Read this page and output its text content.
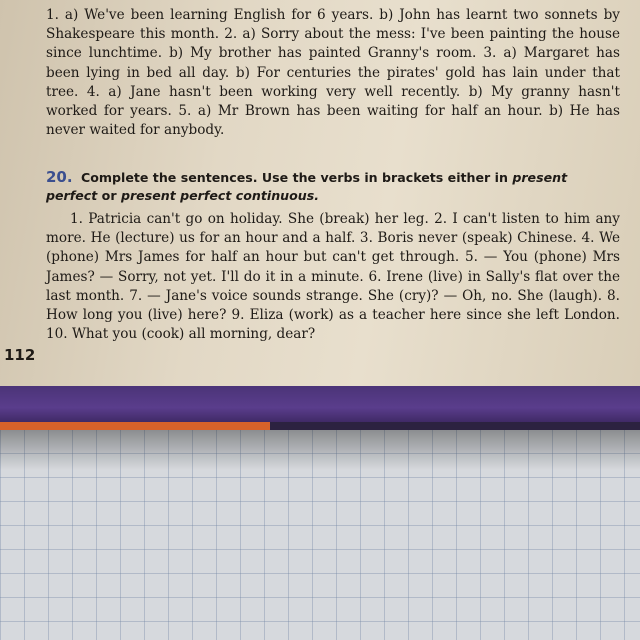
1. a) We've been learning English for 6 years. b) John has learnt two sonnets by Shakespeare this month. 2. a) Sorry about the mess: I've been painting the house since lunchtime. b) My brother has painted Granny's room. 3. a) Margaret has been lying in bed all day. b) For centuries the pirates' gold has lain under that tree. 4. a) Jane hasn't been working very well recently. b) My granny hasn't worked for years. 5. a) Mr Brown has been waiting for half an hour. b) He has never waited for anybody.
20. Complete the sentences. Use the verbs in brackets either in present perfect or present perfect continuous.
1. Patricia can't go on holiday. She (break) her leg. 2. I can't listen to him any more. He (lecture) us for an hour and a half. 3. Boris never (speak) Chinese. 4. We (phone) Mrs James for half an hour but can't get through. 5. — You (phone) Mrs James? — Sorry, not yet. I'll do it in a minute. 6. Irene (live) in Sally's flat over the last month. 7. — Jane's voice sounds strange. She (cry)? — Oh, no. She (laugh). 8. How long you (live) here? 9. Eliza (work) as a teacher here since she left London. 10. What you (cook) all morning, dear?
112
